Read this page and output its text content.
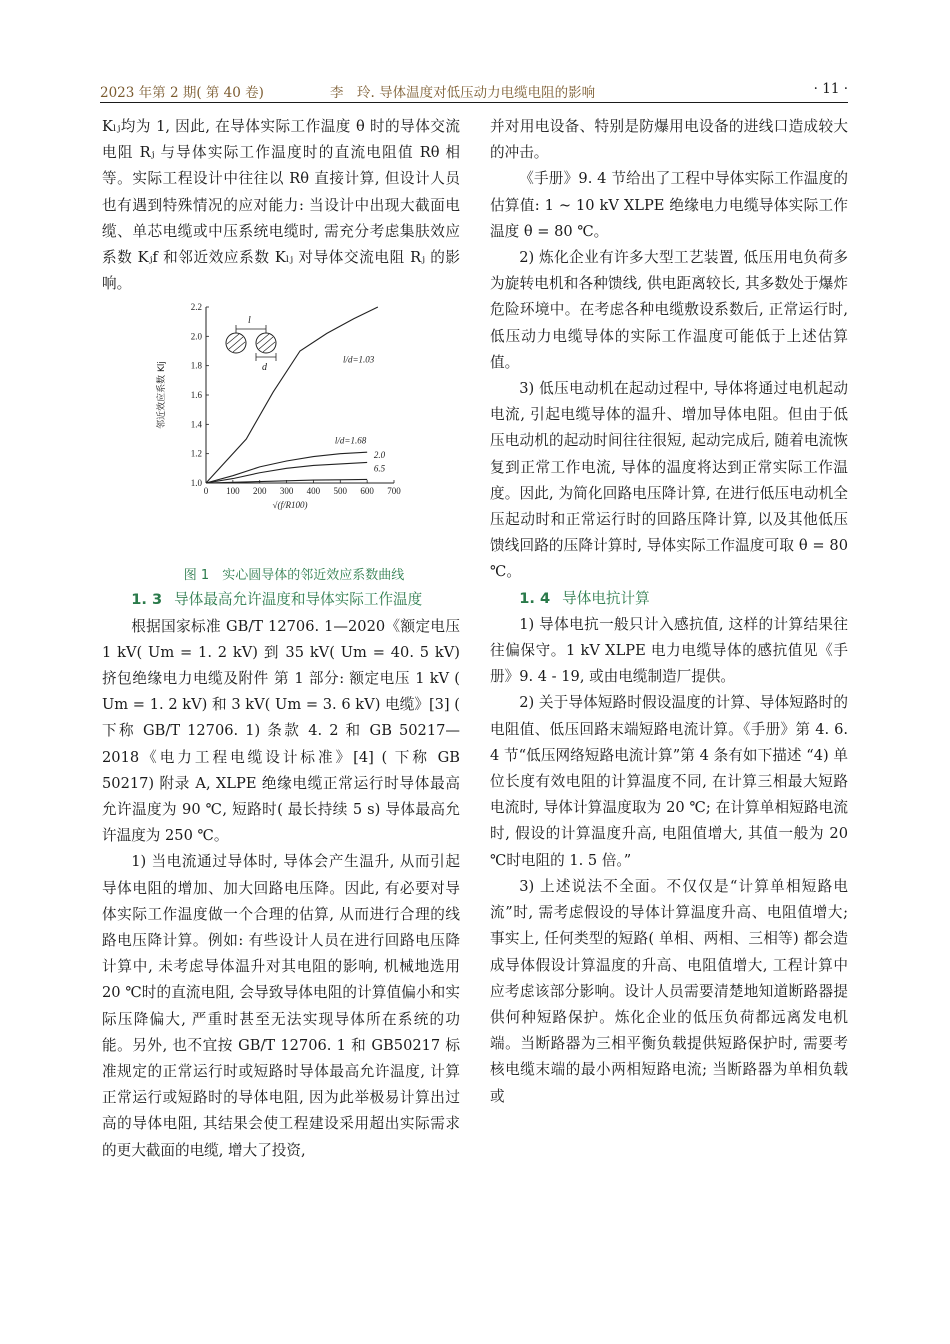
2023 年第 2 期( 第 40 卷)	李　玲. 导体温度对低压动力电缆电阻的影响	· 11 ·

Kₗⱼ均为 1, 因此, 在导体实际工作温度 θ 时的导体交流电阻 Rⱼ 与导体实际工作温度时的直流电阻值 Rθ 相等。实际工程设计中往往以 Rθ 直接计算, 但设计人员也有遇到特殊情况的应对能力: 当设计中出现大截面电缆、单芯电缆或中压系统电缆时, 需充分考虑集肤效应系数 Kⱼf 和邻近效应系数 Kₗⱼ 对导体交流电阻 Rⱼ 的影响。

0 100 200 300 400 500 600 700
1.0
1.2
1.4
1.6
1.8
2.0
2.2
√(f/R100)
邻近效应系数 Klj
l/d=1.03
l/d=1.68
2.0
6.5
l
d

图 1　实心圆导体的邻近效应系数曲线

1. 3 导体最高允许温度和导体实际工作温度

根据国家标准 GB/T 12706. 1—2020《额定电压 1 kV( Um = 1. 2 kV) 到 35 kV( Um = 40. 5 kV) 挤包绝缘电力电缆及附件 第 1 部分: 额定电压 1 kV ( Um = 1. 2 kV) 和 3 kV( Um = 3. 6 kV) 电缆》[3] ( 下称 GB/T 12706. 1) 条款 4. 2 和 GB 50217—2018《电力工程电缆设计标准》[4] ( 下称 GB 50217) 附录 A, XLPE 绝缘电缆正常运行时导体最高允许温度为 90 ℃, 短路时( 最长持续 5 s) 导体最高允许温度为 250 ℃。

1) 当电流通过导体时, 导体会产生温升, 从而引起导体电阻的增加、加大回路电压降。因此, 有必要对导体实际工作温度做一个合理的估算, 从而进行合理的线路电压降计算。例如: 有些设计人员在进行回路电压降计算中, 未考虑导体温升对其电阻的影响, 机械地选用 20 ℃时的直流电阻, 会导致导体电阻的计算值偏小和实际压降偏大, 严重时甚至无法实现导体所在系统的功能。另外, 也不宜按 GB/T 12706. 1 和 GB50217 标准规定的正常运行时或短路时导体最高允许温度, 计算正常运行或短路时的导体电阻, 因为此举极易计算出过高的导体电阻, 其结果会使工程建设采用超出实际需求的更大截面的电缆, 增大了投资,

并对用电设备、特别是防爆用电设备的进线口造成较大的冲击。

《手册》9. 4 节给出了工程中导体实际工作温度的估算值: 1 ~ 10 kV XLPE 绝缘电力电缆导体实际工作温度 θ = 80 ℃。

2) 炼化企业有许多大型工艺装置, 低压用电负荷多为旋转电机和各种馈线, 供电距离较长, 其多数处于爆炸危险环境中。在考虑各种电缆敷设系数后, 正常运行时, 低压动力电缆导体的实际工作温度可能低于上述估算值。

3) 低压电动机在起动过程中, 导体将通过电机起动电流, 引起电缆导体的温升、增加导体电阻。但由于低压电动机的起动时间往往很短, 起动完成后, 随着电流恢复到正常工作电流, 导体的温度将达到正常实际工作温度。因此, 为简化回路电压降计算, 在进行低压电动机全压起动时和正常运行时的回路压降计算, 以及其他低压馈线回路的压降计算时, 导体实际工作温度可取 θ = 80 ℃。

1. 4 导体电抗计算

1) 导体电抗一般只计入感抗值, 这样的计算结果往往偏保守。1 kV XLPE 电力电缆导体的感抗值见《手册》9. 4 - 19, 或由电缆制造厂提供。

2) 关于导体短路时假设温度的计算、导体短路时的电阻值、低压回路末端短路电流计算。《手册》第 4. 6. 4 节“低压网络短路电流计算”第 4 条有如下描述 “4) 单位长度有效电阻的计算温度不同, 在计算三相最大短路电流时, 导体计算温度取为 20 ℃; 在计算单相短路电流时, 假设的计算温度升高, 电阻值增大, 其值一般为 20 ℃时电阻的 1. 5 倍。”

3) 上述说法不全面。不仅仅是“计算单相短路电流”时, 需考虑假设的导体计算温度升高、电阻值增大; 事实上, 任何类型的短路( 单相、两相、三相等) 都会造成导体假设计算温度的升高、电阻值增大, 工程计算中应考虑该部分影响。设计人员需要清楚地知道断路器提供何种短路保护。炼化企业的低压负荷都远离发电机端。当断路器为三相平衡负载提供短路保护时, 需要考核电缆末端的最小两相短路电流; 当断路器为单相负载或
